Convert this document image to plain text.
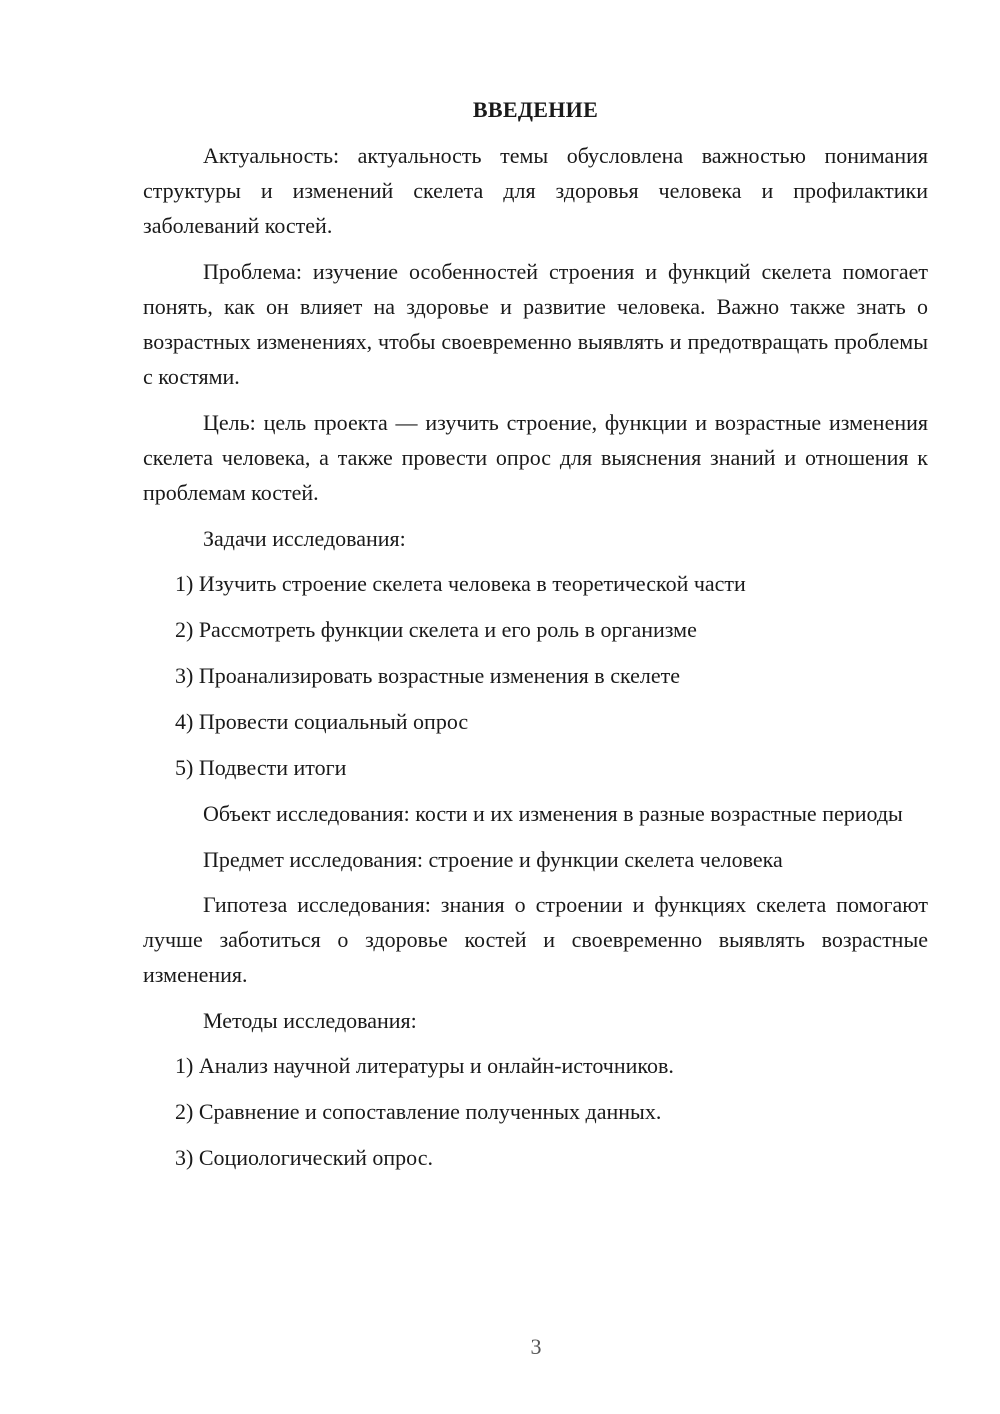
ВВЕДЕНИЕ

Актуальность: актуальность темы обусловлена важностью понимания структуры и изменений скелета для здоровья человека и профилактики заболеваний костей.

Проблема: изучение особенностей строения и функций скелета помогает понять, как он влияет на здоровье и развитие человека. Важно также знать о возрастных изменениях, чтобы своевременно выявлять и предотвращать проблемы с костями.

Цель: цель проекта — изучить строение, функции и возрастные изменения скелета человека, а также провести опрос для выяснения знаний и отношения к проблемам костей.

Задачи исследования:

1) Изучить строение скелета человека в теоретической части
2) Рассмотреть функции скелета и его роль в организме
3) Проанализировать возрастные изменения в скелете
4) Провести социальный опрос
5) Подвести итоги

Объект исследования: кости и их изменения в разные возрастные периоды

Предмет исследования: строение и функции скелета человека

Гипотеза исследования: знания о строении и функциях скелета помогают лучше заботиться о здоровье костей и своевременно выявлять возрастные изменения.

Методы исследования:

1) Анализ научной литературы и онлайн-источников.
2) Сравнение и сопоставление полученных данных.
3) Социологический опрос.
3
